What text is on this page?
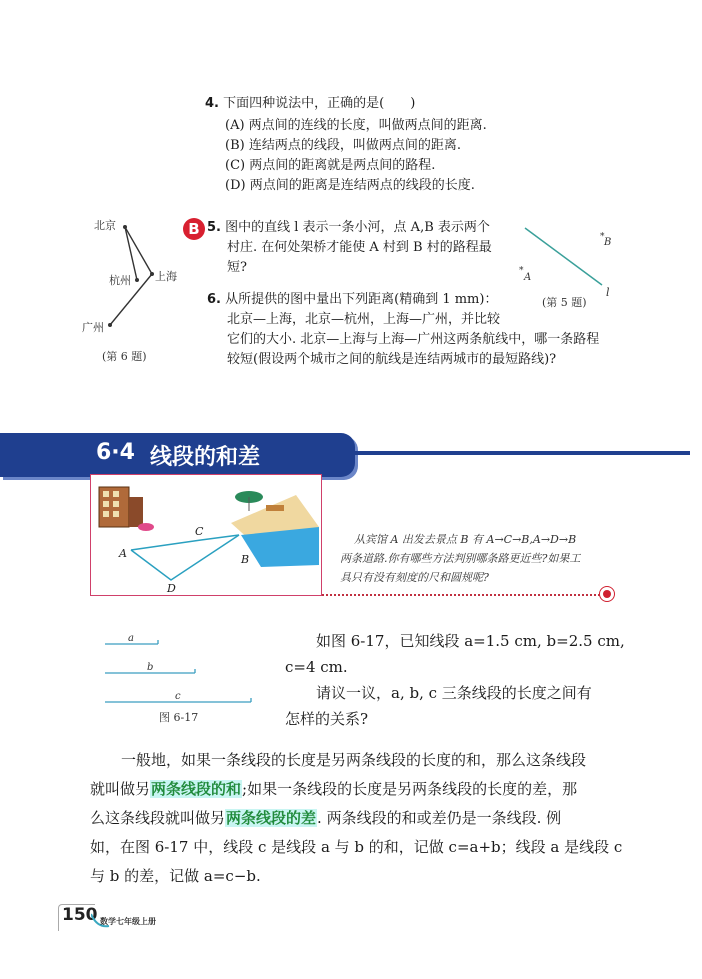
4. 下面四种说法中，正确的是(　　)
(A) 两点间的连线的长度，叫做两点间的距离.
(B) 连结两点的线段，叫做两点间的距离.
(C) 两点间的距离就是两点间的路程.
(D) 两点间的距离是连结两点的线段的长度.
北京
上海
杭州
广州
(第 6 题)
B 5. 图中的直线 l 表示一条小河，点 A,B 表示两个
村庄. 在何处架桥才能使 A 村到 B 村的路程最
短?
l
* B
*
A
(第 5 题)
6. 从所提供的图中量出下列距离(精确到 1 mm)：
北京—上海，北京—杭州，上海—广州，并比较
它们的大小. 北京—上海与上海—广州这两条航线中，哪一条路程
较短(假设两个城市之间的航线是连结两城市的最短路线)?
6·4 线段的和差
A
C
B
D
从宾馆 A 出发去景点 B 有 A→C→B,A→D→B
两条道路.你有哪些方法判别哪条路更近些?如果工
具只有没有刻度的尺和圆规呢?
a
b
c
图 6-17
如图 6-17，已知线段 a=1.5 cm, b=2.5 cm,
c=4 cm.
请议一议，a, b, c 三条线段的长度之间有
怎样的关系?
一般地，如果一条线段的长度是另两条线段的长度的和，那么这条线段
就叫做另两条线段的和;如果一条线段的长度是另两条线段的长度的差，那
么这条线段就叫做另两条线段的差. 两条线段的和或差仍是一条线段. 例
如，在图 6-17 中，线段 c 是线段 a 与 b 的和，记做 c=a+b；线段 a 是线段 c
与 b 的差，记做 a=c−b.
150 数学七年级上册
